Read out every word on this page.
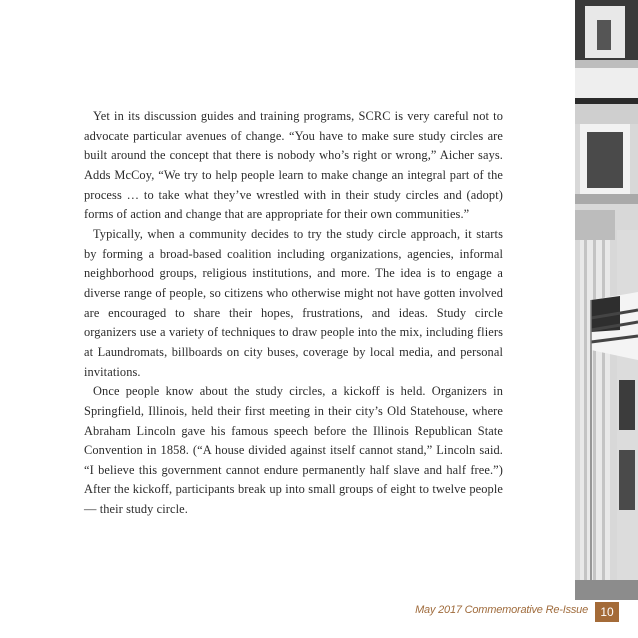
Yet in its discussion guides and training programs, SCRC is very careful not to advocate particular avenues of change. “You have to make sure study circles are built around the concept that there is nobody who’s right or wrong,” Aicher says. Adds McCoy, “We try to help people learn to make change an integral part of the process … to take what they’ve wrestled with in their study circles and (adopt) forms of action and change that are appropriate for their own communities.”

Typically, when a community decides to try the study circle approach, it starts by forming a broad-based coalition including organizations, agencies, informal neighborhood groups, religious institutions, and more. The idea is to engage a diverse range of people, so citizens who otherwise might not have gotten involved are encouraged to share their hopes, frustrations, and ideas. Study circle organizers use a variety of techniques to draw people into the mix, including fliers at Laundromats, billboards on city buses, coverage by local media, and personal invitations.

Once people know about the study circles, a kickoff is held. Organizers in Springfield, Illinois, held their first meeting in their city’s Old Statehouse, where Abraham Lincoln gave his famous speech before the Illinois Republican State Convention in 1858. (“A house divided against itself cannot stand,” Lincoln said. “I believe this government cannot endure permanently half slave and half free.”) After the kickoff, participants break up into small groups of eight to twelve people — their study circle.

May 2017 Commemorative Re-Issue	10
